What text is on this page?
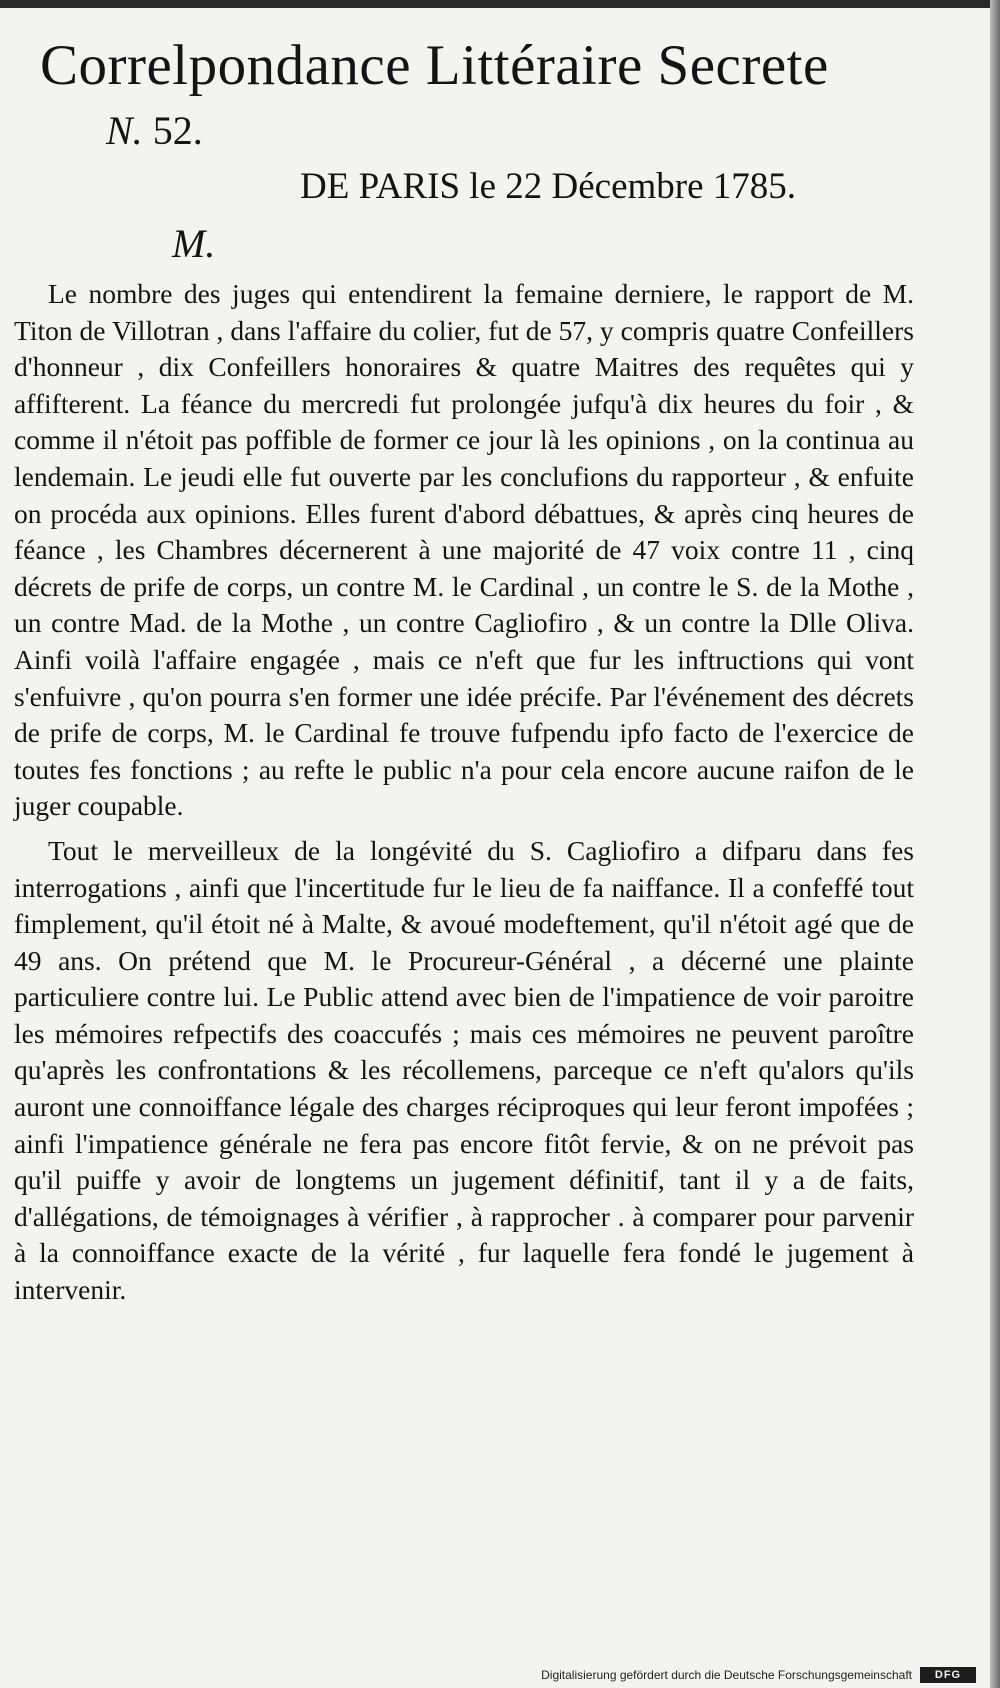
Correlpondance Littéraire Secrete
N. 52.
DE PARIS le 22 Décembre 1785.
M.

Le nombre des juges qui entendirent la femaine derniere, le rapport de M. Titon de Villotran , dans l'affaire du colier, fut de 57, y compris quatre Confeillers d'honneur , dix Confeillers honoraires & quatre Maitres des requêtes qui y affifterent. La féance du mercredi fut prolongée jufqu'à dix heures du foir , & comme il n'étoit pas poffible de former ce jour là les opinions , on la continua au lendemain. Le jeudi elle fut ouverte par les conclufions du rapporteur , & enfuite on procéda aux opinions. Elles furent d'abord débattues, & après cinq heures de féance , les Chambres décernerent à une majorité de 47 voix contre 11 , cinq décrets de prife de corps, un contre M. le Cardinal , un contre le S. de la Mothe , un contre Mad. de la Mothe , un contre Cagliofiro , & un contre la Dlle Oliva. Ainfi voilà l'affaire engagée , mais ce n'eft que fur les inftructions qui vont s'enfuivre , qu'on pourra s'en former une idée précife. Par l'événement des décrets de prife de corps, M. le Cardinal fe trouve fufpendu ipfo facto de l'exercice de toutes fes fonctions ; au refte le public n'a pour cela encore aucune raifon de le juger coupable.

Tout le merveilleux de la longévité du S. Cagliofiro a difparu dans fes interrogations , ainfi que l'incertitude fur le lieu de fa naiffance. Il a confeffé tout fimplement, qu'il étoit né à Malte, & avoué modeftement, qu'il n'étoit agé que de 49 ans. On prétend que M. le Procureur-Général , a décerné une plainte particuliere contre lui. Le Public attend avec bien de l'impatience de voir paroitre les mémoires refpectifs des coaccufés ; mais ces mémoires ne peuvent paroître qu'après les confrontations & les récollemens, parceque ce n'eft qu'alors qu'ils auront une connoiffance légale des charges réciproques qui leur feront impofées ; ainfi l'impatience générale ne fera pas encore fitôt fervie, & on ne prévoit pas qu'il puiffe y avoir de longtems un jugement définitif, tant il y a de faits, d'allégations, de témoignages à vérifier , à rapprocher . à comparer pour parvenir à la connoiffance exacte de la vérité , fur laquelle fera fondé le jugement à intervenir.

Digitalisierung gefördert durch die Deutsche Forschungsgemeinschaft	DFG
